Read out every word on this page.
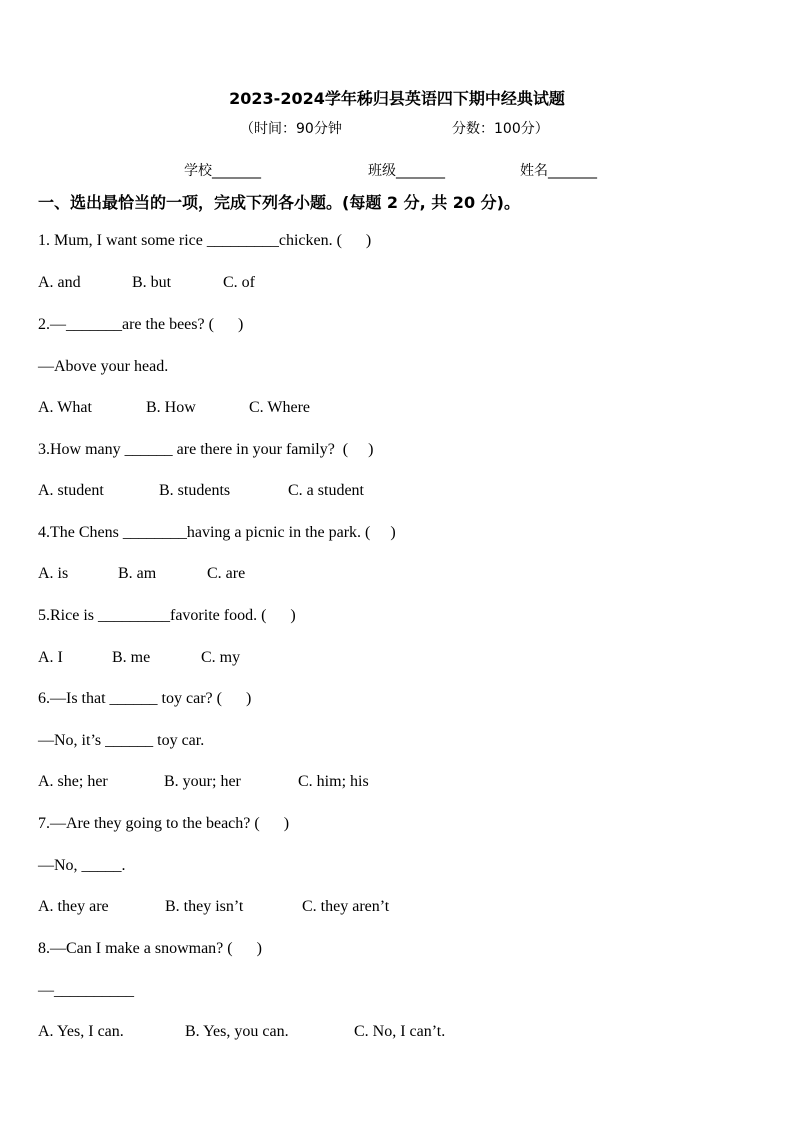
2023-2024学年秭归县英语四下期中经典试题
（时间：90分钟	分数：100分）
学校_______	班级_______	姓名_______
一、选出最恰当的一项，完成下列各小题。(每题 2 分, 共 20 分)。
1. Mum, I want some rice _________chicken. (      )
A. and	B. but	C. of
2.—_______are the bees? (      )
—Above your head.
A. What	B. How	C. Where
3.How many ______ are there in your family?  (     )
A. student	B. students	C. a student
4.The Chens ________having a picnic in the park. (     )
A. is	B. am	C. are
5.Rice is _________favorite food. (      )
A. I	B. me	C. my
6.—Is that ______ toy car? (      )
—No, it’s ______ toy car.
A. she; her	B. your; her	C. him; his
7.—Are they going to the beach? (      )
—No, _____.
A. they are	B. they isn’t	C. they aren’t
8.—Can I make a snowman? (      )
—__________
A. Yes, I can.	B. Yes, you can.	C. No, I can’t.
